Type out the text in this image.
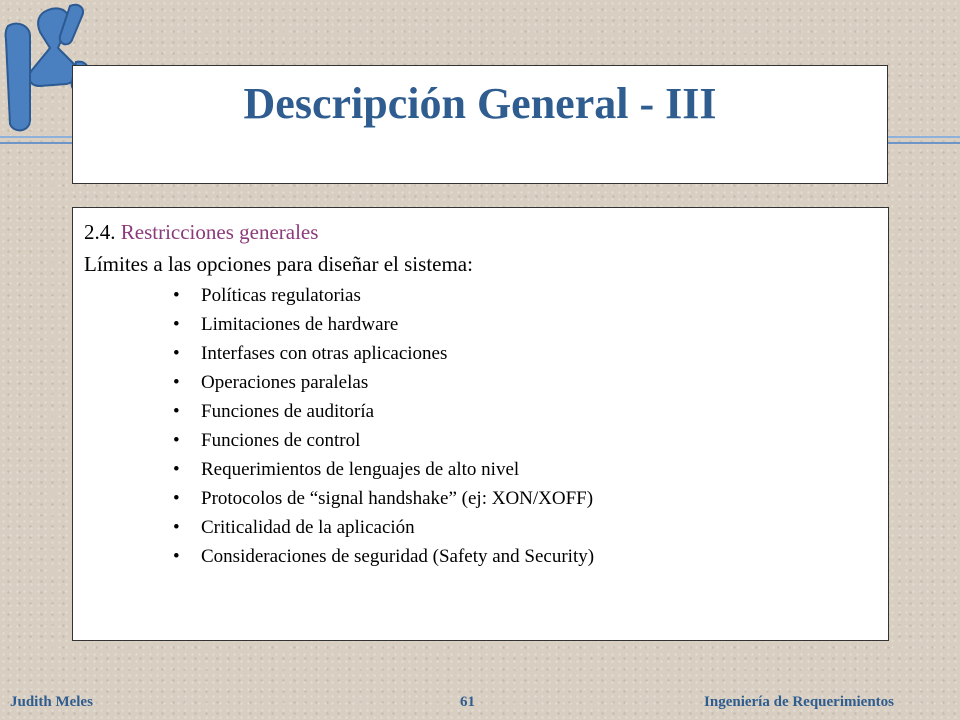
Descripción General - III
2.4. Restricciones generales
Límites a las opciones para diseñar el sistema:
• Políticas regulatorias
• Limitaciones de hardware
• Interfases con otras aplicaciones
• Operaciones paralelas
• Funciones de auditoría
• Funciones de control
• Requerimientos de lenguajes de alto nivel
• Protocolos de “signal handshake” (ej: XON/XOFF)
• Criticalidad de la aplicación
• Consideraciones de seguridad (Safety and Security)
Judith Meles	61	Ingeniería de Requerimientos
